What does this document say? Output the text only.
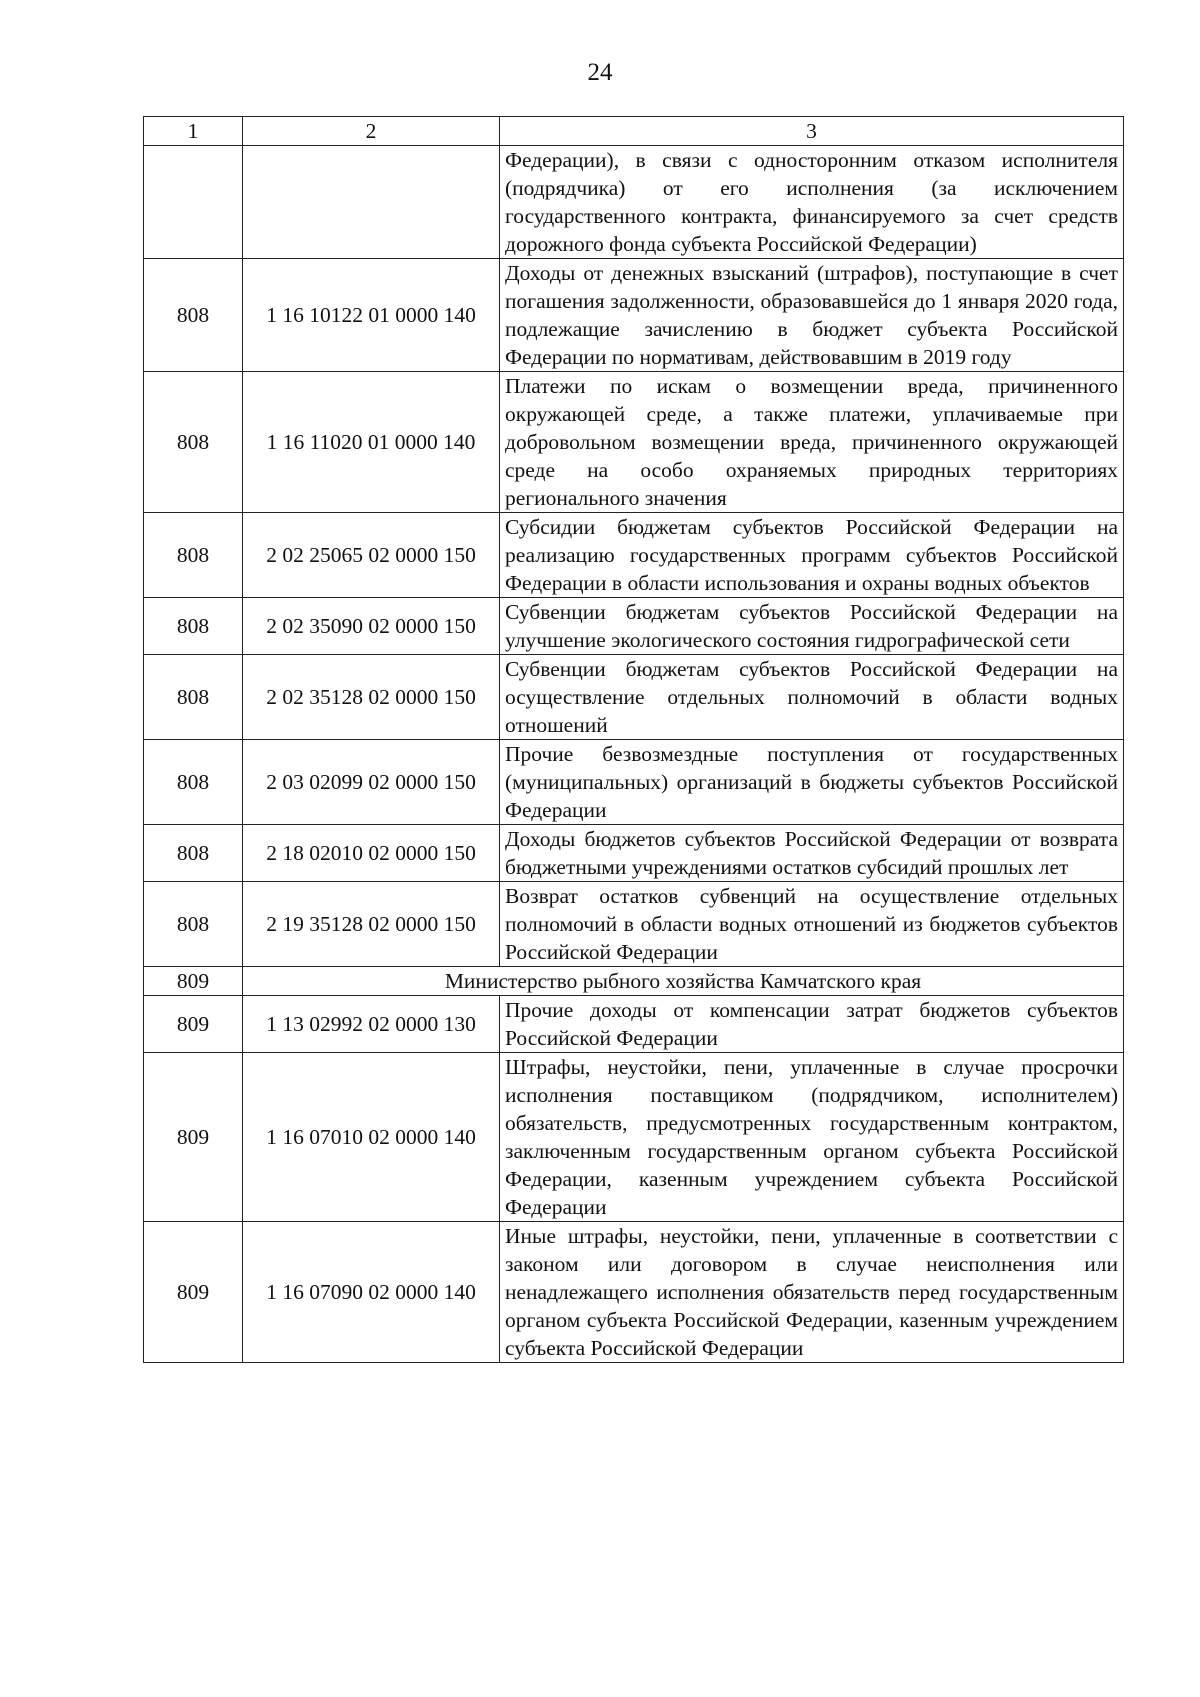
24
1	2	3
		Федерации), в связи с односторонним отказом исполнителя (подрядчика) от его исполнения (за исключением государственного контракта, финансируемого за счет средств дорожного фонда субъекта Российской Федерации)
808	1 16 10122 01 0000 140	Доходы от денежных взысканий (штрафов), поступающие в счет погашения задолженности, образовавшейся до 1 января 2020 года, подлежащие зачислению в бюджет субъекта Российской Федерации по нормативам, действовавшим в 2019 году
808	1 16 11020 01 0000 140	Платежи по искам о возмещении вреда, причиненного окружающей среде, а также платежи, уплачиваемые при добровольном возмещении вреда, причиненного окружающей среде на особо охраняемых природных территориях регионального значения
808	2 02 25065 02 0000 150	Субсидии бюджетам субъектов Российской Федерации на реализацию государственных программ субъектов Российской Федерации в области использования и охраны водных объектов
808	2 02 35090 02 0000 150	Субвенции бюджетам субъектов Российской Федерации на улучшение экологического состояния гидрографической сети
808	2 02 35128 02 0000 150	Субвенции бюджетам субъектов Российской Федерации на осуществление отдельных полномочий в области водных отношений
808	2 03 02099 02 0000 150	Прочие безвозмездные поступления от государственных (муниципальных) организаций в бюджеты субъектов Российской Федерации
808	2 18 02010 02 0000 150	Доходы бюджетов субъектов Российской Федерации от возврата бюджетными учреждениями остатков субсидий прошлых лет
808	2 19 35128 02 0000 150	Возврат остатков субвенций на осуществление отдельных полномочий в области водных отношений из бюджетов субъектов Российской Федерации
809	Министерство рыбного хозяйства Камчатского края	
809	1 13 02992 02 0000 130	Прочие доходы от компенсации затрат бюджетов субъектов Российской Федерации
809	1 16 07010 02 0000 140	Штрафы, неустойки, пени, уплаченные в случае просрочки исполнения поставщиком (подрядчиком, исполнителем) обязательств, предусмотренных государственным контрактом, заключенным государственным органом субъекта Российской Федерации, казенным учреждением субъекта Российской Федерации
809	1 16 07090 02 0000 140	Иные штрафы, неустойки, пени, уплаченные в соответствии с законом или договором в случае неисполнения или ненадлежащего исполнения обязательств перед государственным органом субъекта Российской Федерации, казенным учреждением субъекта Российской Федерации
